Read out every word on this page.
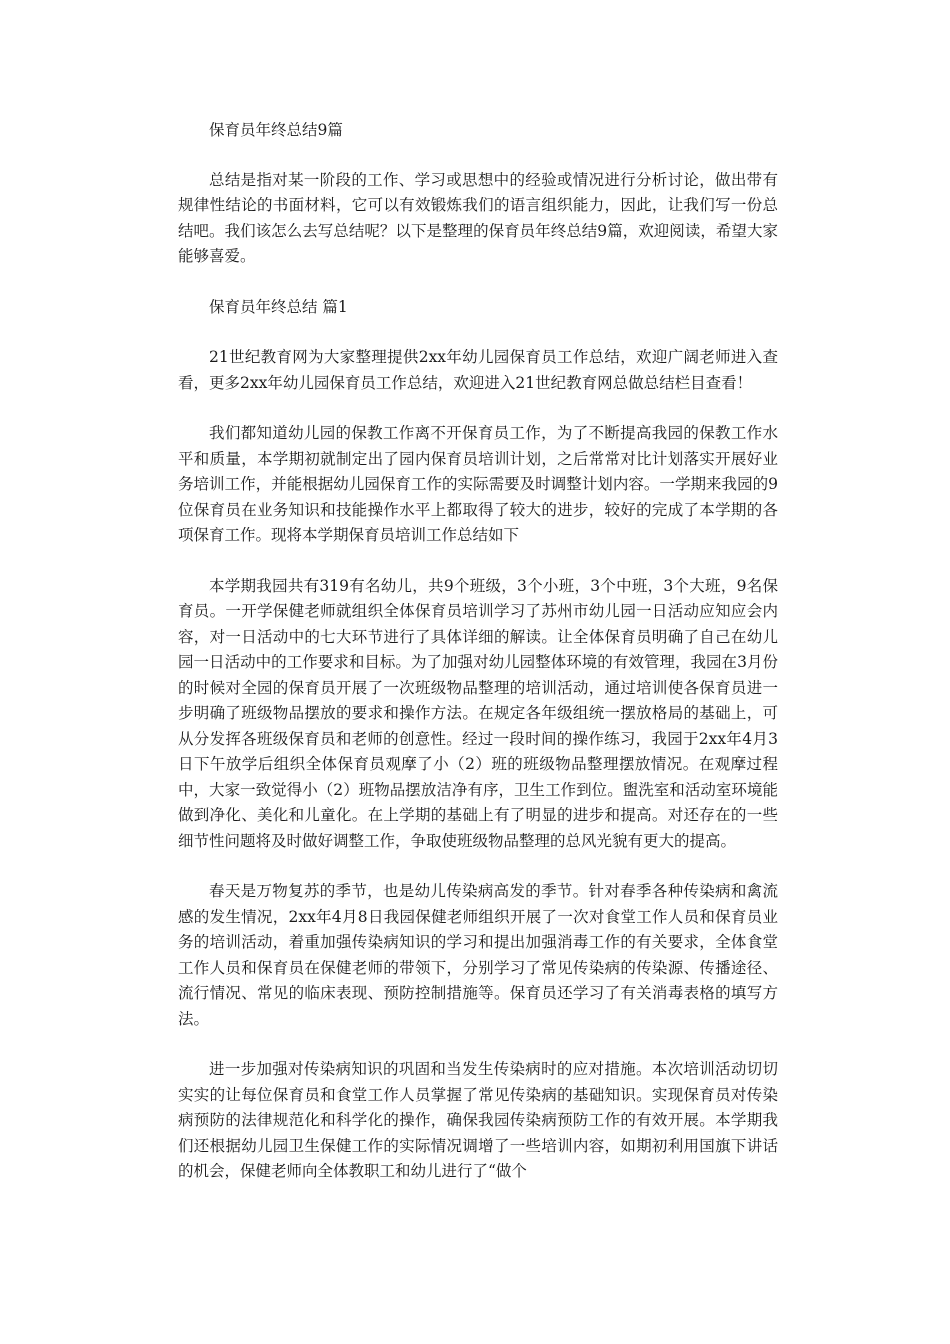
保育员年终总结9篇

总结是指对某一阶段的工作、学习或思想中的经验或情况进行分析讨论，做出带有规律性结论的书面材料，它可以有效锻炼我们的语言组织能力，因此，让我们写一份总结吧。我们该怎么去写总结呢？以下是整理的保育员年终总结9篇，欢迎阅读，希望大家能够喜爱。

保育员年终总结 篇1

21世纪教育网为大家整理提供2xx年幼儿园保育员工作总结，欢迎广阔老师进入查看，更多2xx年幼儿园保育员工作总结，欢迎进入21世纪教育网总做总结栏目查看！

我们都知道幼儿园的保教工作离不开保育员工作，为了不断提高我园的保教工作水平和质量，本学期初就制定出了园内保育员培训计划，之后常常对比计划落实开展好业务培训工作，并能根据幼儿园保育工作的实际需要及时调整计划内容。一学期来我园的9位保育员在业务知识和技能操作水平上都取得了较大的进步，较好的完成了本学期的各项保育工作。现将本学期保育员培训工作总结如下

本学期我园共有319有名幼儿，共9个班级，3个小班，3个中班，3个大班，9名保育员。一开学保健老师就组织全体保育员培训学习了苏州市幼儿园一日活动应知应会内容，对一日活动中的七大环节进行了具体详细的解读。让全体保育员明确了自己在幼儿园一日活动中的工作要求和目标。为了加强对幼儿园整体环境的有效管理，我园在3月份的时候对全园的保育员开展了一次班级物品整理的培训活动，通过培训使各保育员进一步明确了班级物品摆放的要求和操作方法。在规定各年级组统一摆放格局的基础上，可从分发挥各班级保育员和老师的创意性。经过一段时间的操作练习，我园于2xx年4月3日下午放学后组织全体保育员观摩了小（2）班的班级物品整理摆放情况。在观摩过程中，大家一致觉得小（2）班物品摆放洁净有序，卫生工作到位。盥洗室和活动室环境能做到净化、美化和儿童化。在上学期的基础上有了明显的进步和提高。对还存在的一些细节性问题将及时做好调整工作，争取使班级物品整理的总风光貌有更大的提高。

春天是万物复苏的季节，也是幼儿传染病高发的季节。针对春季各种传染病和禽流感的发生情况，2xx年4月8日我园保健老师组织开展了一次对食堂工作人员和保育员业务的培训活动，着重加强传染病知识的学习和提出加强消毒工作的有关要求，全体食堂工作人员和保育员在保健老师的带领下，分别学习了常见传染病的传染源、传播途径、流行情况、常见的临床表现、预防控制措施等。保育员还学习了有关消毒表格的填写方法。

进一步加强对传染病知识的巩固和当发生传染病时的应对措施。本次培训活动切切实实的让每位保育员和食堂工作人员掌握了常见传染病的基础知识。实现保育员对传染病预防的法律规范化和科学化的操作，确保我园传染病预防工作的有效开展。本学期我们还根据幼儿园卫生保健工作的实际情况调增了一些培训内容，如期初利用国旗下讲话的机会，保健老师向全体教职工和幼儿进行了“做个
